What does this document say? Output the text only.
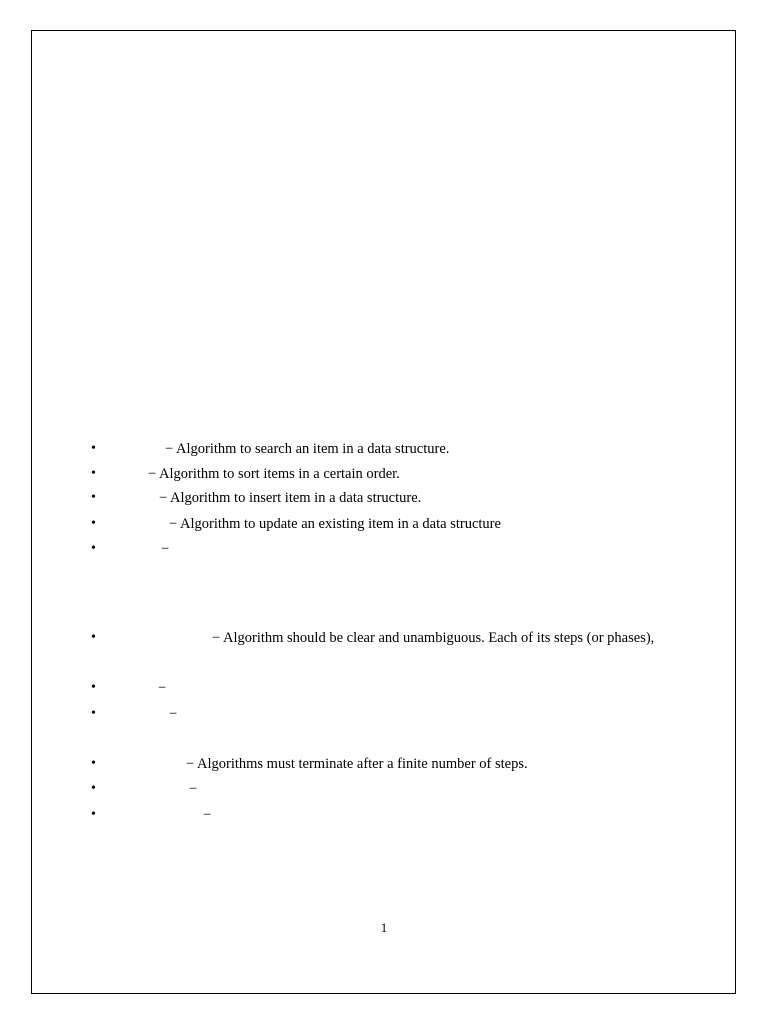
•	− Algorithm to search an item in a data structure.
•	− Algorithm to sort items in a certain order.
•	− Algorithm to insert item in a data structure.
•	− Algorithm to update an existing item in a data structure
•	−
•	− Algorithm should be clear and unambiguous. Each of its steps (or phases),
•	−
•	−
•	− Algorithms must terminate after a finite number of steps.
•	−
•	−
1
